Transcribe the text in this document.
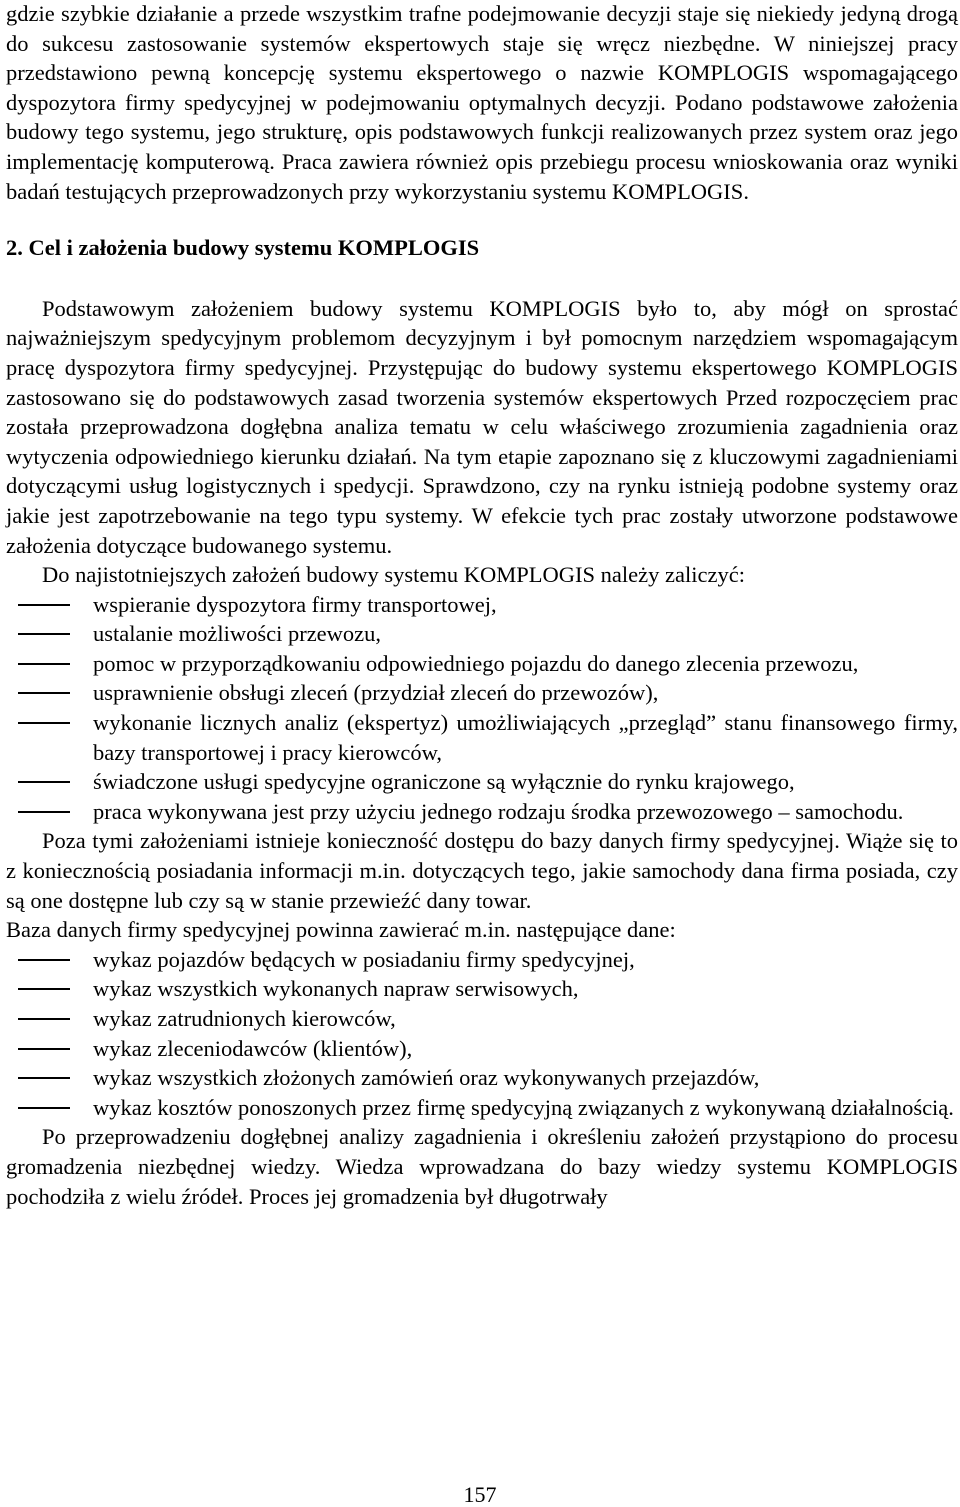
gdzie szybkie działanie a przede wszystkim trafne podejmowanie decyzji staje się niekiedy jedyną drogą do sukcesu zastosowanie systemów ekspertowych staje się wręcz niezbędne. W niniejszej pracy przedstawiono pewną koncepcję systemu ekspertowego o nazwie KOMPLOGIS wspomagającego dyspozytora firmy spedycyjnej w podejmowaniu optymalnych decyzji. Podano podstawowe założenia budowy tego systemu, jego strukturę, opis podstawowych funkcji realizowanych przez system oraz jego implementację komputerową. Praca zawiera również opis przebiegu procesu wnioskowania oraz wyniki badań testujących przeprowadzonych przy wykorzystaniu systemu KOMPLOGIS.

2. Cel i założenia budowy systemu KOMPLOGIS

Podstawowym założeniem budowy systemu KOMPLOGIS było to, aby mógł on sprostać najważniejszym spedycyjnym problemom decyzyjnym i był pomocnym narzędziem wspomagającym pracę dyspozytora firmy spedycyjnej. Przystępując do budowy systemu ekspertowego KOMPLOGIS zastosowano się do podstawowych zasad tworzenia systemów ekspertowych Przed rozpoczęciem prac została przeprowadzona dogłębna analiza tematu w celu właściwego zrozumienia zagadnienia oraz wytyczenia odpowiedniego kierunku działań. Na tym etapie zapoznano się z kluczowymi zagadnieniami dotyczącymi usług logistycznych i spedycji. Sprawdzono, czy na rynku istnieją podobne systemy oraz jakie jest zapotrzebowanie na tego typu systemy. W efekcie tych prac zostały utworzone podstawowe założenia dotyczące budowanego systemu.

Do najistotniejszych założeń budowy systemu KOMPLOGIS należy zaliczyć:

wspieranie dyspozytora firmy transportowej,
ustalanie możliwości przewozu,
pomoc w przyporządkowaniu odpowiedniego pojazdu do danego zlecenia przewozu,
usprawnienie obsługi zleceń (przydział zleceń do przewozów),
wykonanie licznych analiz (ekspertyz) umożliwiających „przegląd” stanu finansowego firmy, bazy transportowej i pracy kierowców,
świadczone usługi spedycyjne ograniczone są wyłącznie do rynku krajowego,
praca wykonywana jest przy użyciu jednego rodzaju środka przewozowego – samochodu.

Poza tymi założeniami istnieje konieczność dostępu do bazy danych firmy spedycyjnej. Wiąże się to z koniecznością posiadania informacji m.in. dotyczących tego, jakie samochody dana firma posiada, czy są one dostępne lub czy są w stanie przewieźć dany towar.

Baza danych firmy spedycyjnej powinna zawierać m.in. następujące dane:

wykaz pojazdów będących w posiadaniu firmy spedycyjnej,
wykaz wszystkich wykonanych napraw serwisowych,
wykaz zatrudnionych kierowców,
wykaz zleceniodawców (klientów),
wykaz wszystkich złożonych zamówień oraz wykonywanych przejazdów,
wykaz kosztów ponoszonych przez firmę spedycyjną związanych z wykonywaną działalnością.

Po przeprowadzeniu dogłębnej analizy zagadnienia i określeniu założeń przystąpiono do procesu gromadzenia niezbędnej wiedzy. Wiedza wprowadzana do bazy wiedzy systemu KOMPLOGIS pochodziła z wielu źródeł. Proces jej gromadzenia był długotrwały

157
